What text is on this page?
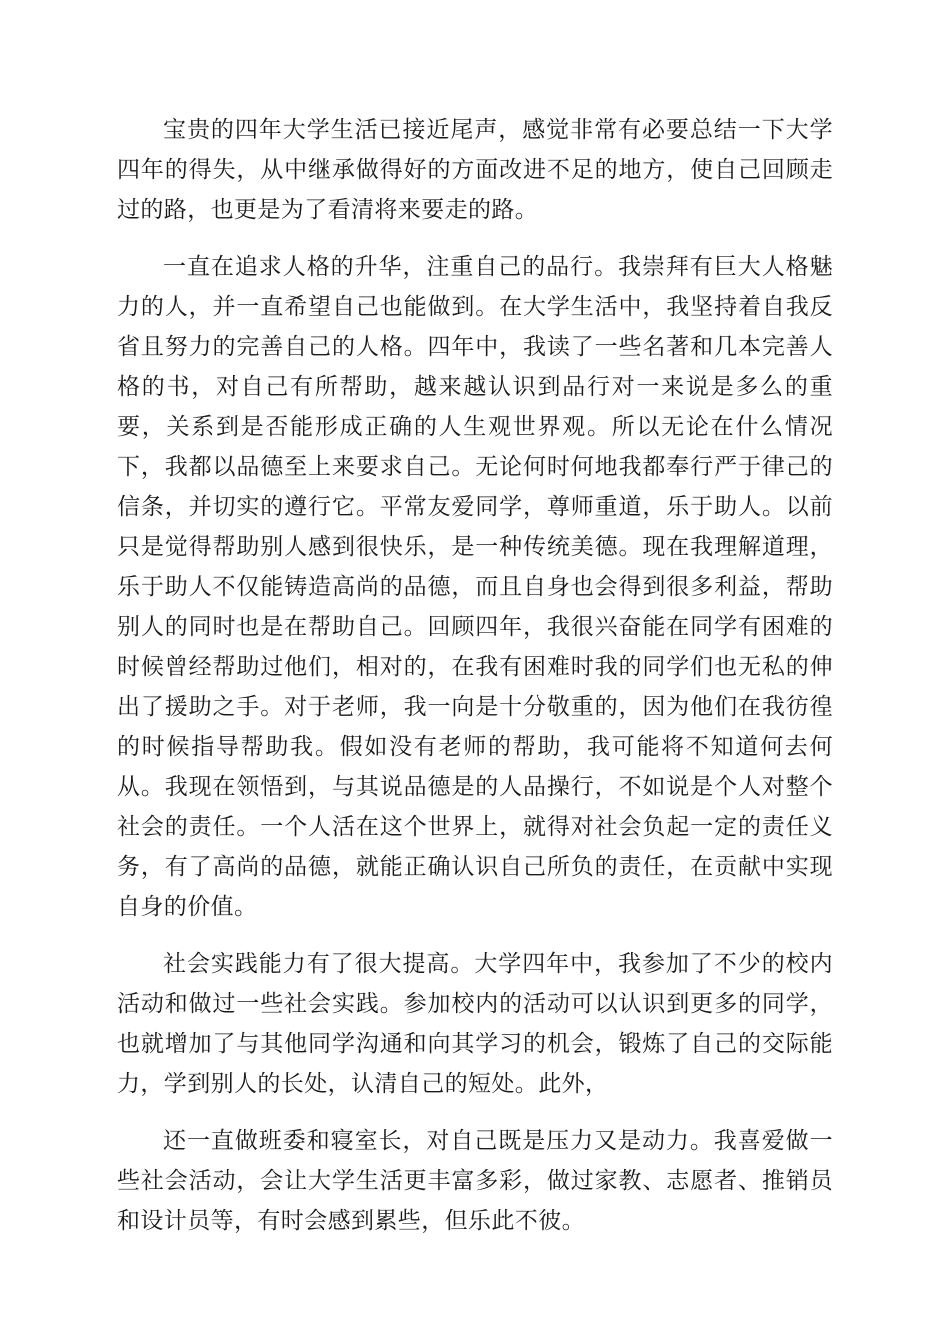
宝贵的四年大学生活已接近尾声，感觉非常有必要总结一下大学四年的得失，从中继承做得好的方面改进不足的地方，使自己回顾走过的路，也更是为了看清将来要走的路。

一直在追求人格的升华，注重自己的品行。我崇拜有巨大人格魅力的人，并一直希望自己也能做到。在大学生活中，我坚持着自我反省且努力的完善自己的人格。四年中，我读了一些名著和几本完善人格的书，对自己有所帮助，越来越认识到品行对一来说是多么的重要，关系到是否能形成正确的人生观世界观。所以无论在什么情况下，我都以品德至上来要求自己。无论何时何地我都奉行严于律己的信条，并切实的遵行它。平常友爱同学，尊师重道，乐于助人。以前只是觉得帮助别人感到很快乐，是一种传统美德。现在我理解道理，乐于助人不仅能铸造高尚的品德，而且自身也会得到很多利益，帮助别人的同时也是在帮助自己。回顾四年，我很兴奋能在同学有困难的时候曾经帮助过他们，相对的，在我有困难时我的同学们也无私的伸出了援助之手。对于老师，我一向是十分敬重的，因为他们在我彷徨的时候指导帮助我。假如没有老师的帮助，我可能将不知道何去何从。我现在领悟到，与其说品德是的人品操行，不如说是个人对整个社会的责任。一个人活在这个世界上，就得对社会负起一定的责任义务，有了高尚的品德，就能正确认识自己所负的责任，在贡献中实现自身的价值。

社会实践能力有了很大提高。大学四年中，我参加了不少的校内活动和做过一些社会实践。参加校内的活动可以认识到更多的同学，也就增加了与其他同学沟通和向其学习的机会，锻炼了自己的交际能力，学到别人的长处，认清自己的短处。此外，

还一直做班委和寝室长，对自己既是压力又是动力。我喜爱做一些社会活动，会让大学生活更丰富多彩，做过家教、志愿者、推销员和设计员等，有时会感到累些，但乐此不彼。
